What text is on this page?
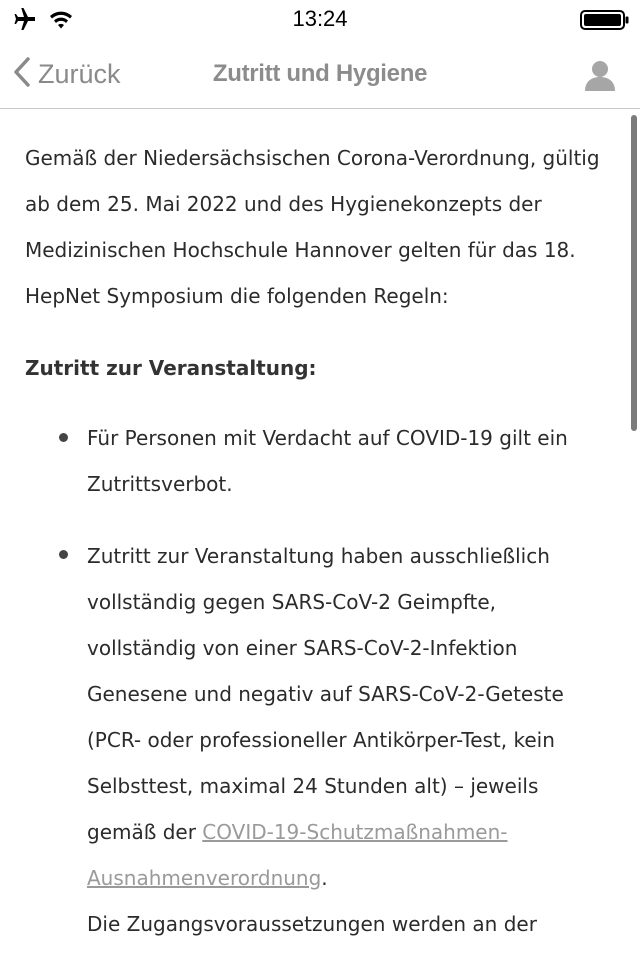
13:24
Zurück	Zutritt und Hygiene
Gemäß der Niedersächsischen Corona-Verordnung, gültig ab dem 25. Mai 2022 und des Hygienekonzepts der Medizinischen Hochschule Hannover gelten für das 18. HepNet Symposium die folgenden Regeln:
Zutritt zur Veranstaltung:
Für Personen mit Verdacht auf COVID-19 gilt ein Zutrittsverbot.
Zutritt zur Veranstaltung haben ausschließlich vollständig gegen SARS-CoV-2 Geimpfte, vollständig von einer SARS-CoV-2-Infektion Genesene und negativ auf SARS-CoV-2-Geteste (PCR- oder professioneller Antikörper-Test, kein Selbsttest, maximal 24 Stunden alt) – jeweils gemäß der COVID-19-Schutzmaßnahmen-Ausnahmenverordnung.
Die Zugangsvoraussetzungen werden an der
